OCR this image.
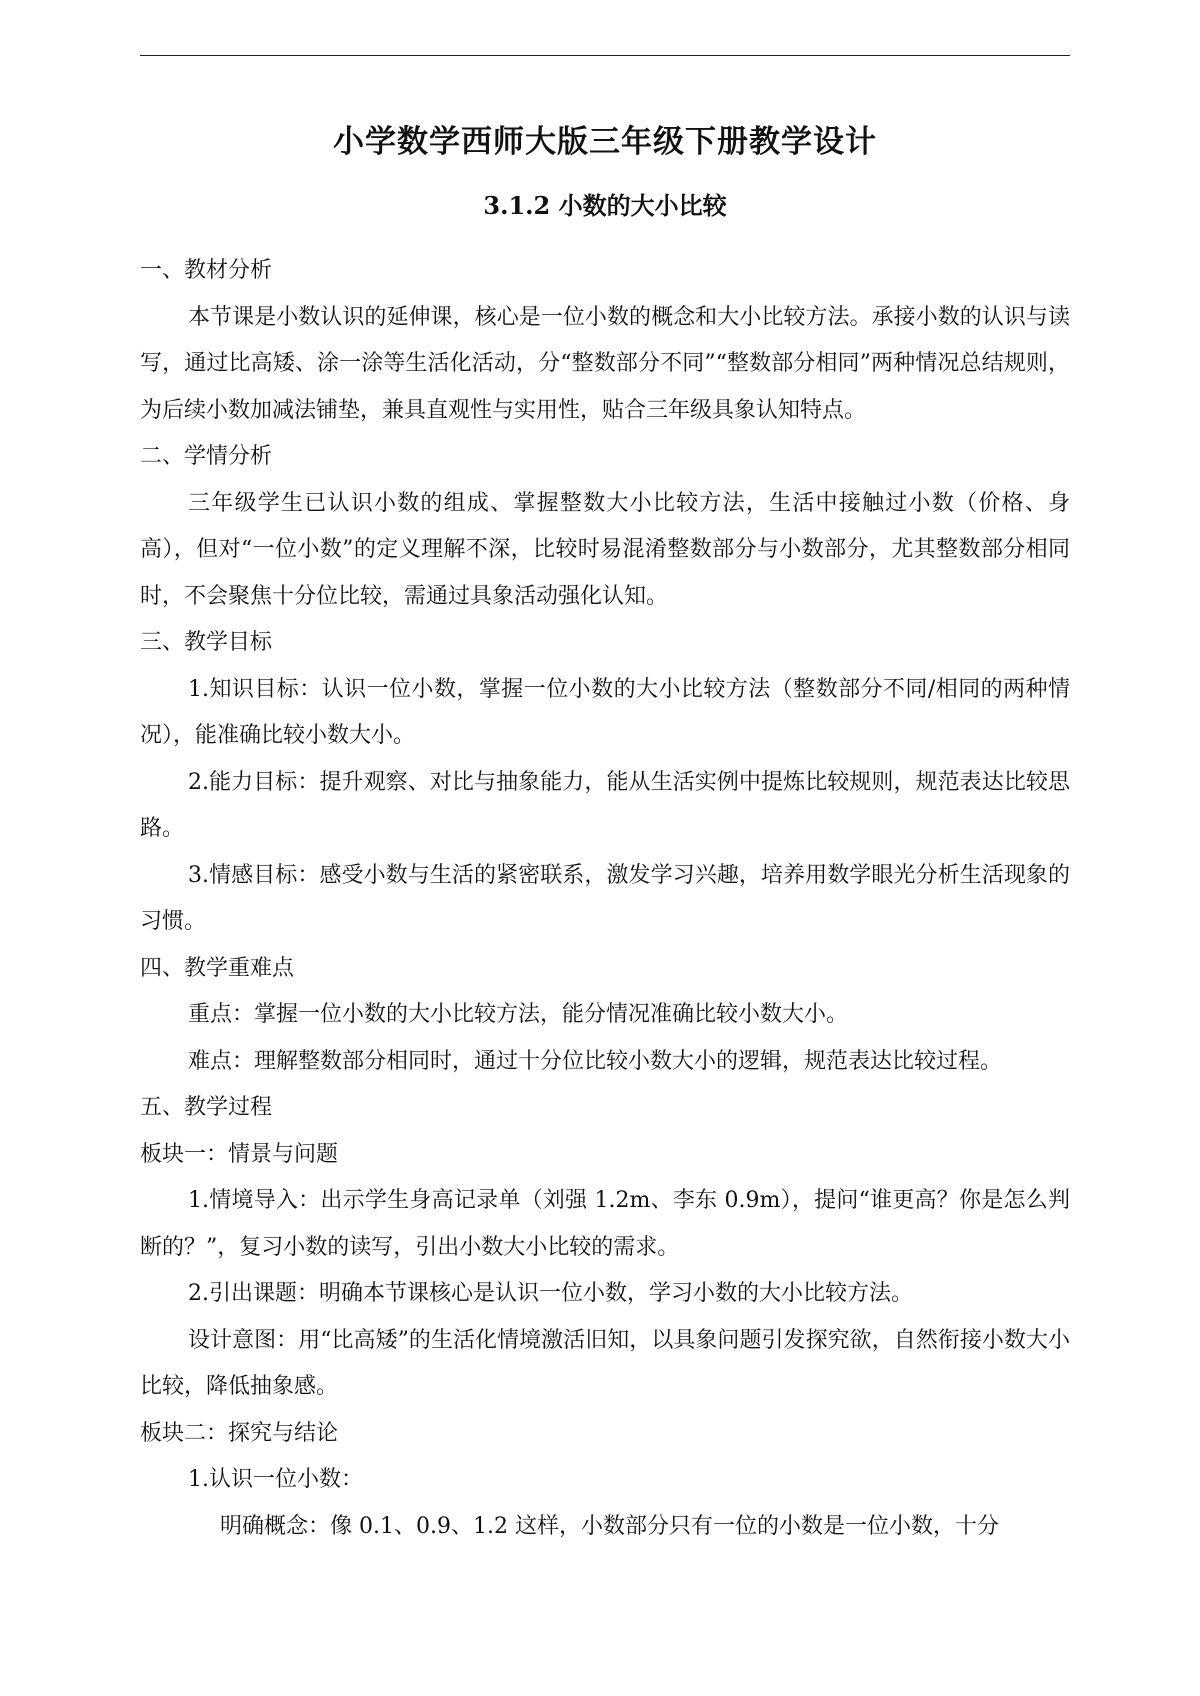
小学数学西师大版三年级下册教学设计
3.1.2 小数的大小比较

一、教材分析

本节课是小数认识的延伸课，核心是一位小数的概念和大小比较方法。承接小数的认识与读写，通过比高矮、涂一涂等生活化活动，分“整数部分不同”“整数部分相同”两种情况总结规则，为后续小数加减法铺垫，兼具直观性与实用性，贴合三年级具象认知特点。

二、学情分析

三年级学生已认识小数的组成、掌握整数大小比较方法，生活中接触过小数（价格、身高），但对“一位小数”的定义理解不深，比较时易混淆整数部分与小数部分，尤其整数部分相同时，不会聚焦十分位比较，需通过具象活动强化认知。

三、教学目标

1.知识目标：认识一位小数，掌握一位小数的大小比较方法（整数部分不同/相同的两种情况），能准确比较小数大小。

2.能力目标：提升观察、对比与抽象能力，能从生活实例中提炼比较规则，规范表达比较思路。

3.情感目标：感受小数与生活的紧密联系，激发学习兴趣，培养用数学眼光分析生活现象的习惯。

四、教学重难点

重点：掌握一位小数的大小比较方法，能分情况准确比较小数大小。

难点：理解整数部分相同时，通过十分位比较小数大小的逻辑，规范表达比较过程。

五、教学过程

板块一：情景与问题

1.情境导入：出示学生身高记录单（刘强 1.2m、李东 0.9m），提问“谁更高？你是怎么判断的？”，复习小数的读写，引出小数大小比较的需求。

2.引出课题：明确本节课核心是认识一位小数，学习小数的大小比较方法。

设计意图：用“比高矮”的生活化情境激活旧知，以具象问题引发探究欲，自然衔接小数大小比较，降低抽象感。

板块二：探究与结论

1.认识一位小数：

明确概念：像 0.1、0.9、1.2 这样，小数部分只有一位的小数是一位小数，十分
